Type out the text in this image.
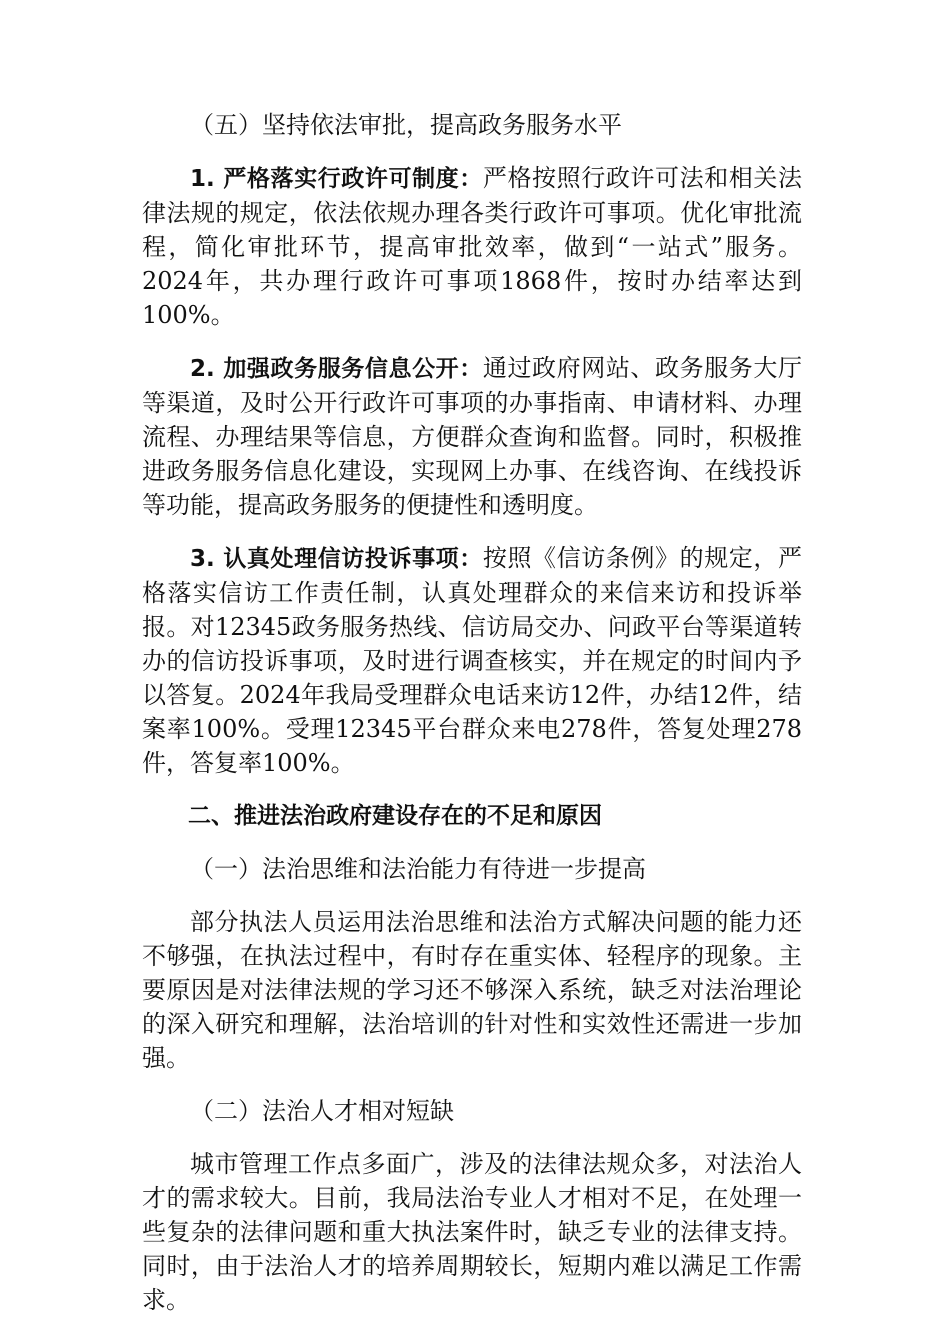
（五）坚持依法审批，提高政务服务水平

1. 严格落实行政许可制度：严格按照行政许可法和相关法律法规的规定，依法依规办理各类行政许可事项。优化审批流程，简化审批环节，提高审批效率，做到“一站式”服务。2024年，共办理行政许可事项1868件，按时办结率达到100%。

2. 加强政务服务信息公开：通过政府网站、政务服务大厅等渠道，及时公开行政许可事项的办事指南、申请材料、办理流程、办理结果等信息，方便群众查询和监督。同时，积极推进政务服务信息化建设，实现网上办事、在线咨询、在线投诉等功能，提高政务服务的便捷性和透明度。

3. 认真处理信访投诉事项：按照《信访条例》的规定，严格落实信访工作责任制，认真处理群众的来信来访和投诉举报。对12345政务服务热线、信访局交办、问政平台等渠道转办的信访投诉事项，及时进行调查核实，并在规定的时间内予以答复。2024年我局受理群众电话来访12件，办结12件，结案率100%。受理12345平台群众来电278件，答复处理278件，答复率100%。

二、推进法治政府建设存在的不足和原因

（一）法治思维和法治能力有待进一步提高

部分执法人员运用法治思维和法治方式解决问题的能力还不够强，在执法过程中，有时存在重实体、轻程序的现象。主要原因是对法律法规的学习还不够深入系统，缺乏对法治理论的深入研究和理解，法治培训的针对性和实效性还需进一步加强。

（二）法治人才相对短缺

城市管理工作点多面广，涉及的法律法规众多，对法治人才的需求较大。目前，我局法治专业人才相对不足，在处理一些复杂的法律问题和重大执法案件时，缺乏专业的法律支持。同时，由于法治人才的培养周期较长，短期内难以满足工作需求。
